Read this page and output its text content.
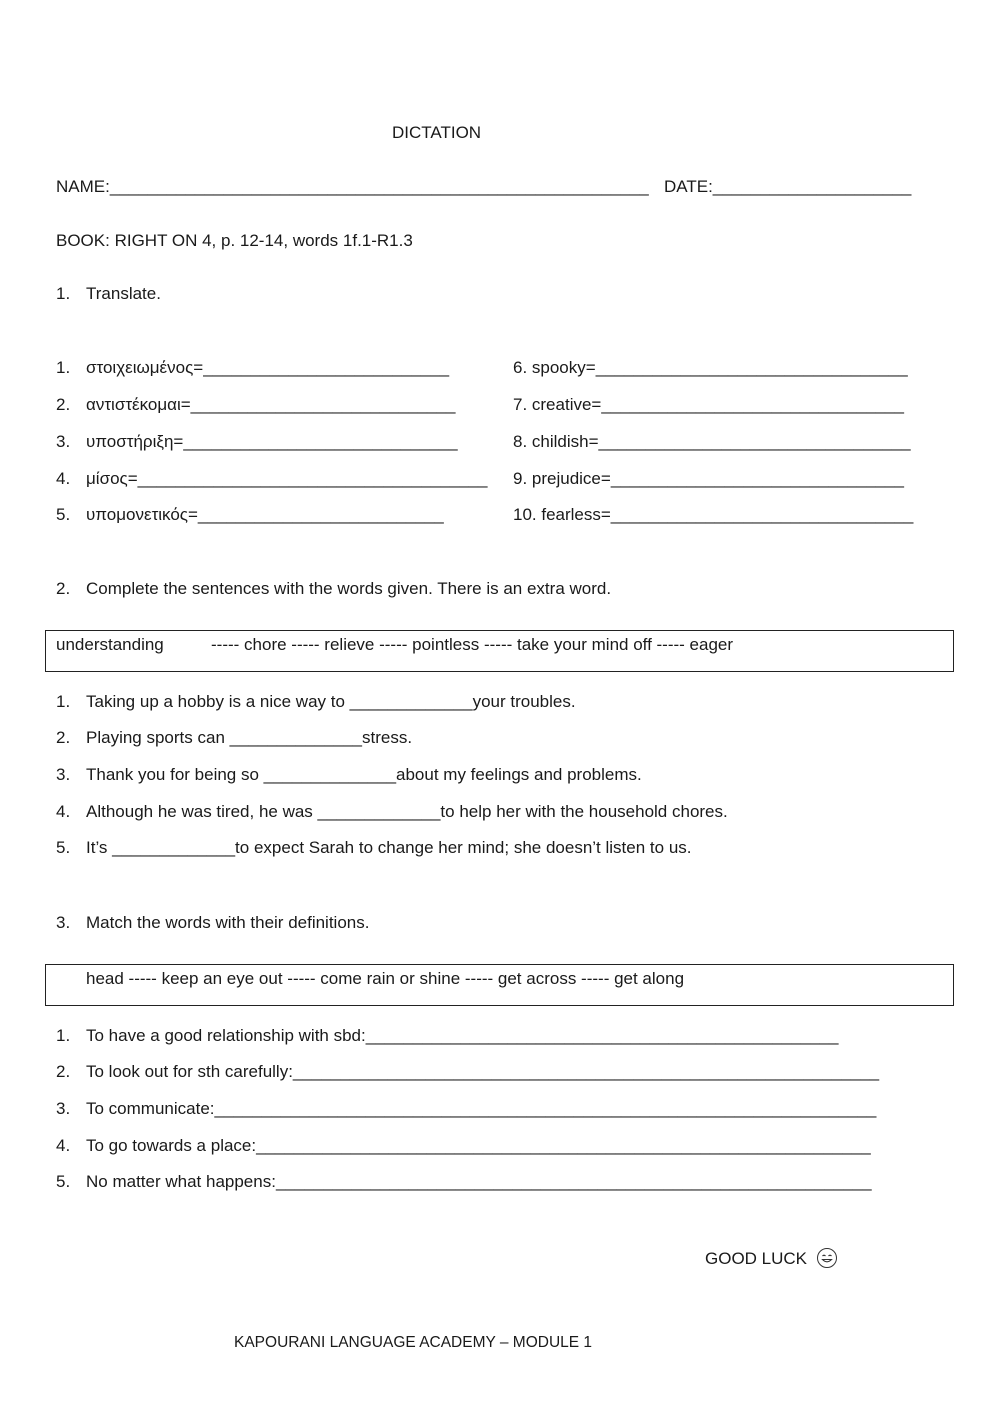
DICTATION
NAME:_________________________________________________________ DATE:_____________________
BOOK: RIGHT ON 4, p. 12-14, words 1f.1-R1.3
1. Translate.
1. στοιχειωμένος=__________________________
2. αντιστέκομαι=____________________________
3. υποστήριξη=_____________________________
4. μίσος=_____________________________________
5. υπομονετικός=__________________________
6. spooky=_________________________________
7. creative=________________________________
8. childish=_________________________________
9. prejudice=_______________________________
10. fearless=________________________________
2. Complete the sentences with the words given. There is an extra word.
understanding	----- chore ----- relieve ----- pointless ----- take your mind off ----- eager
1. Taking up a hobby is a nice way to _____________your troubles.
2. Playing sports can ______________stress.
3. Thank you for being so ______________about my feelings and problems.
4. Although he was tired, he was _____________to help her with the household chores.
5. It’s _____________to expect Sarah to change her mind; she doesn’t listen to us.
3. Match the words with their definitions.
head ----- keep an eye out ----- come rain or shine ----- get across ----- get along
1. To have a good relationship with sbd:__________________________________________________
2. To look out for sth carefully:______________________________________________________________
3. To communicate:______________________________________________________________________
4. To go towards a place:_________________________________________________________________
5. No matter what happens:_______________________________________________________________
GOOD LUCK
KAPOURANI LANGUAGE ACADEMY – MODULE 1
